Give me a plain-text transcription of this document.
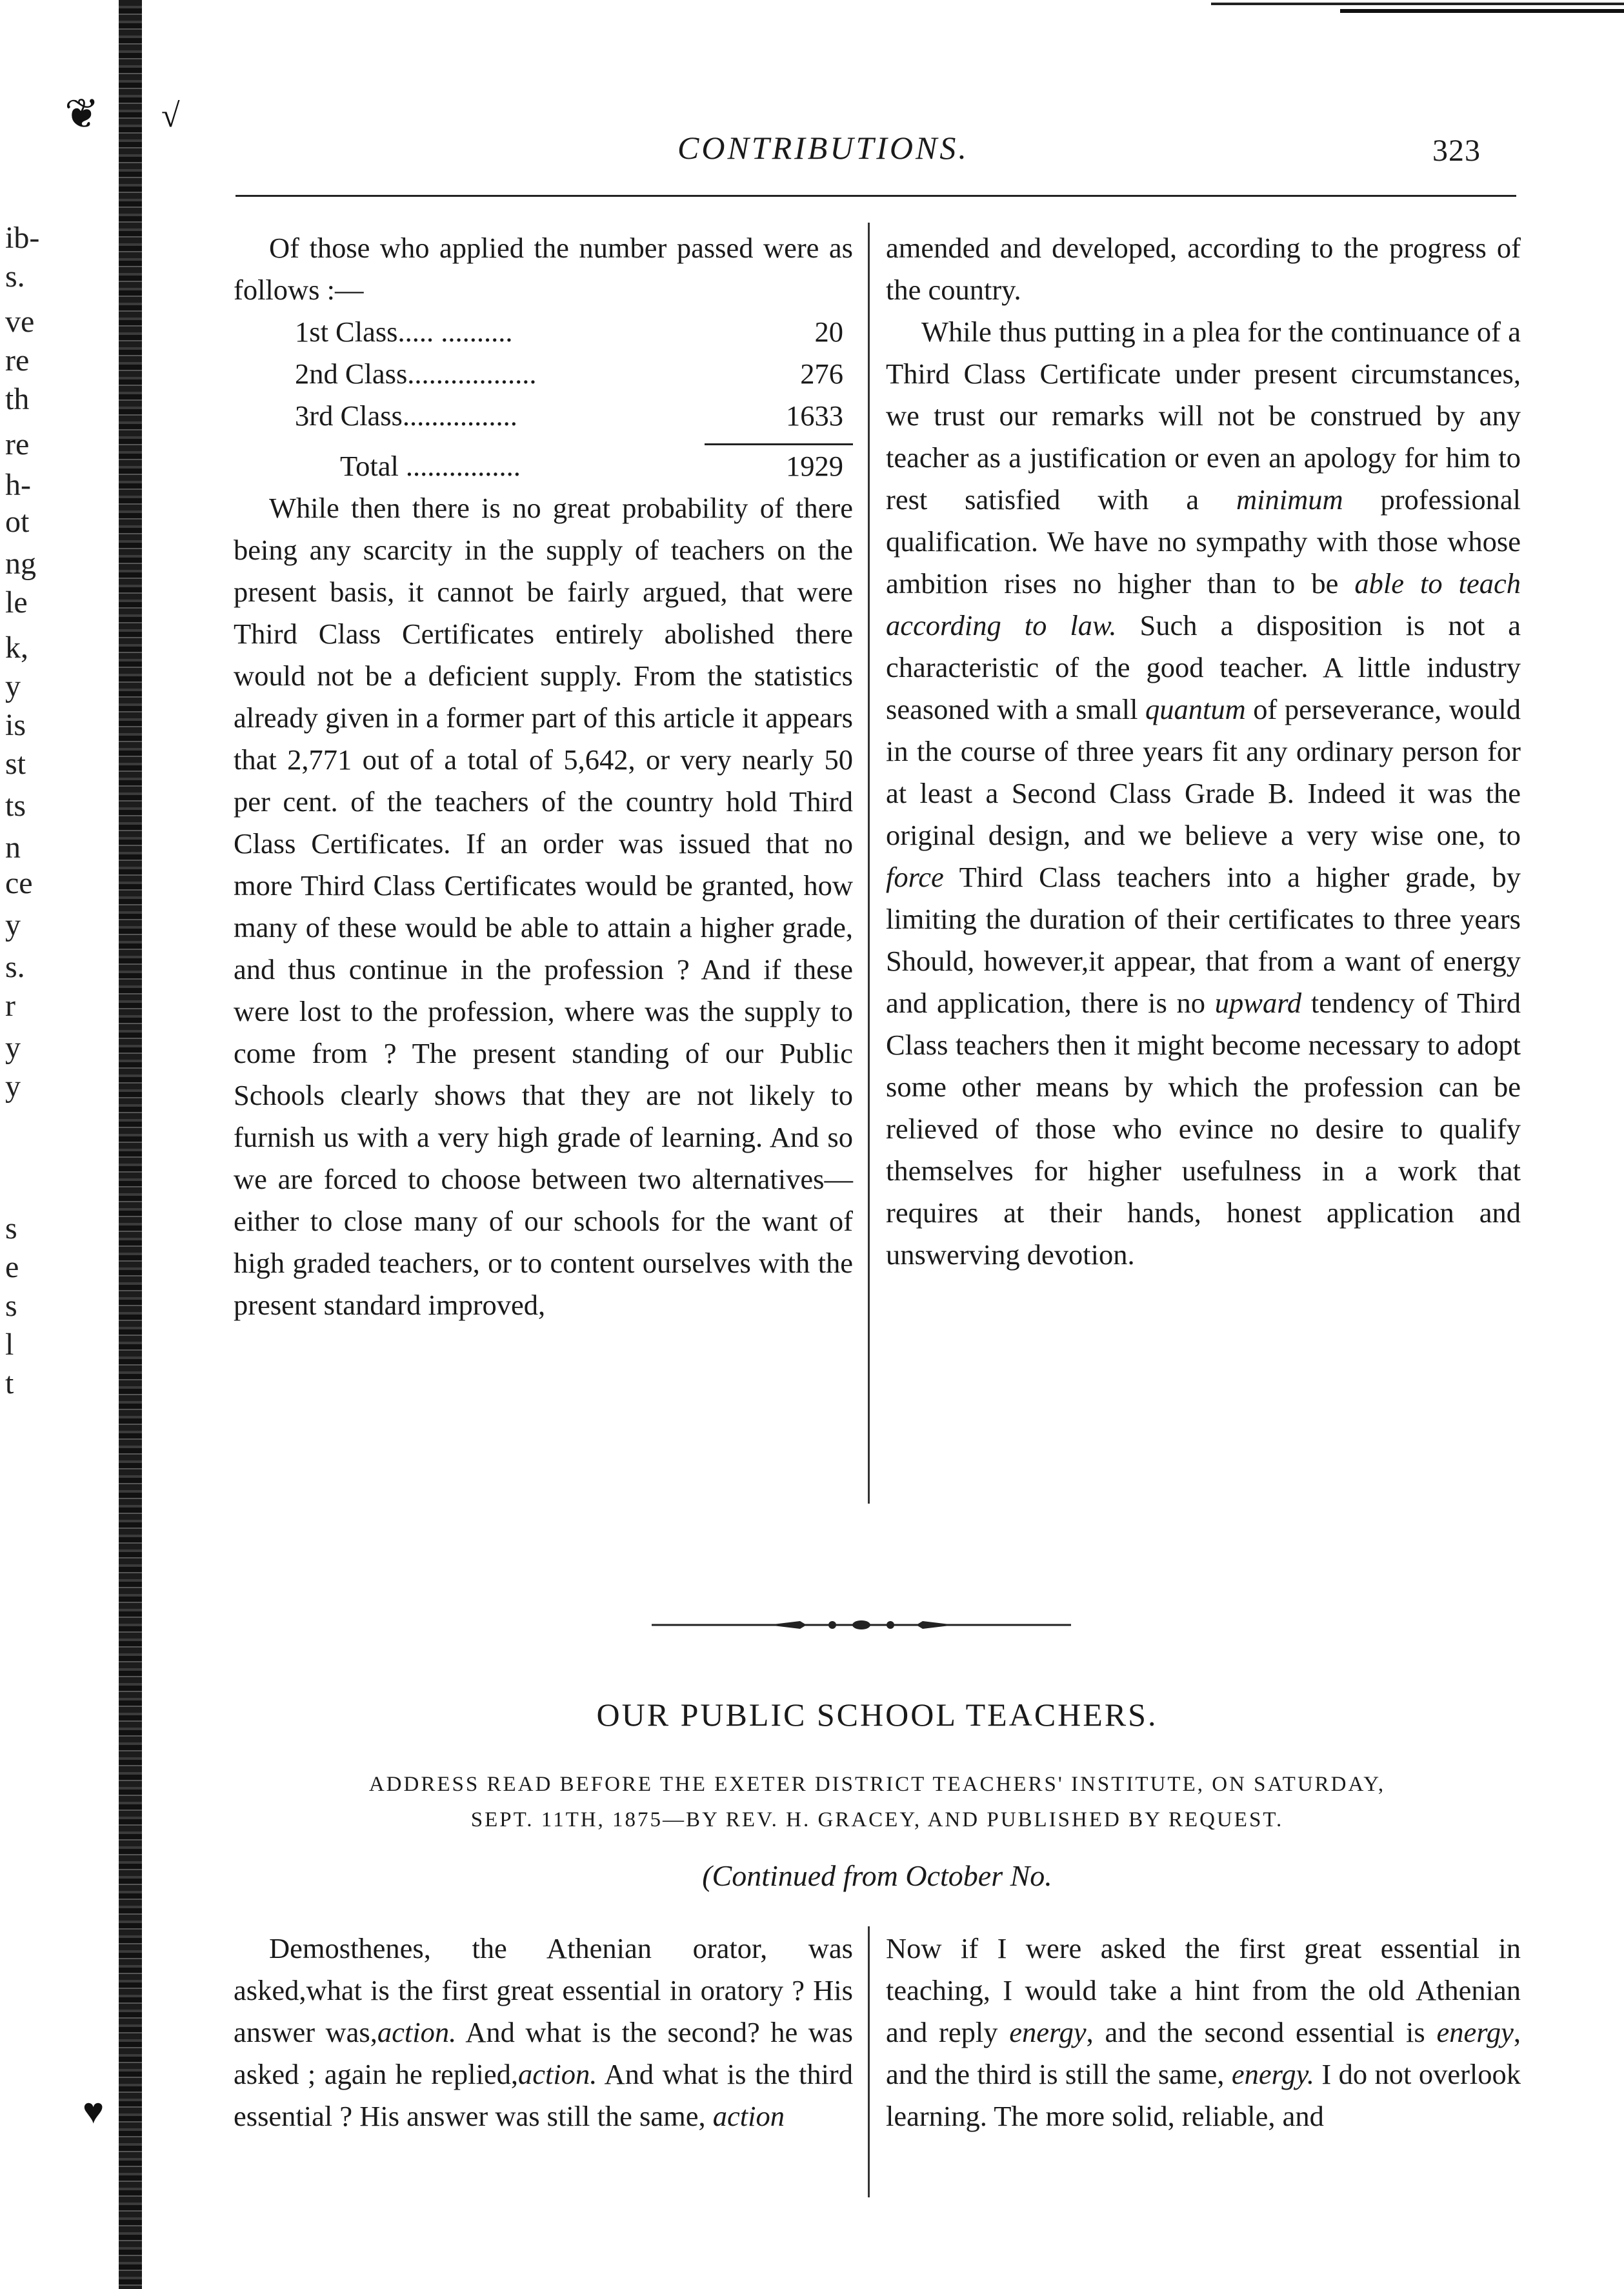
ib-
s.
ve
re
th
re
h-
ot
ng
le
k,
y
is
st
ts
n
ce
y
s.
r
y
y
s
e
s
l
t
❦ √
♥
CONTRIBUTIONS.	323

Of those who applied the number passed were as follows :—

1st Class..... ..........	20
2nd Class..................	276
3rd Class................	1633
Total ................	1929

While then there is no great probability of there being any scarcity in the supply of teachers on the present basis, it cannot be fairly argued, that were Third Class Certificates entirely abolished there would not be a deficient supply. From the statistics already given in a former part of this article it appears that 2,771 out of a total of 5,642, or very nearly 50 per cent. of the teachers of the country hold Third Class Certificates. If an order was issued that no more Third Class Certificates would be granted, how many of these would be able to attain a higher grade, and thus continue in the profession ? And if these were lost to the profession, where was the supply to come from ? The present standing of our Public Schools clearly shows that they are not likely to furnish us with a very high grade of learning. And so we are forced to choose between two alternatives—either to close many of our schools for the want of high graded teachers, or to content ourselves with the present standard improved,

amended and developed, according to the progress of the country.

While thus putting in a plea for the continuance of a Third Class Certificate under present circumstances, we trust our remarks will not be construed by any teacher as a justification or even an apology for him to rest satisfied with a minimum professional qualification. We have no sympathy with those whose ambition rises no higher than to be able to teach according to law. Such a disposition is not a characteristic of the good teacher. A little industry seasoned with a small quantum of perseverance, would in the course of three years fit any ordinary person for at least a Second Class Grade B. Indeed it was the original design, and we believe a very wise one, to force Third Class teachers into a higher grade, by limiting the duration of their certificates to three years Should, however,it appear, that from a want of energy and application, there is no upward tendency of Third Class teachers then it might become necessary to adopt some other means by which the profession can be relieved of those who evince no desire to qualify themselves for higher usefulness in a work that requires at their hands, honest application and unswerving devotion.

OUR PUBLIC SCHOOL TEACHERS.
ADDRESS READ BEFORE THE EXETER DISTRICT TEACHERS' INSTITUTE, ON SATURDAY,
SEPT. 11TH, 1875—BY REV. H. GRACEY, AND PUBLISHED BY REQUEST.
(Continued from October No.

Demosthenes, the Athenian orator, was asked,what is the first great essential in oratory ? His answer was,action. And what is the second? he was asked ; again he replied,action. And what is the third essential ? His answer was still the same, action

Now if I were asked the first great essential in teaching, I would take a hint from the old Athenian and reply energy, and the second essential is energy, and the third is still the same, energy. I do not overlook learning. The more solid, reliable, and
